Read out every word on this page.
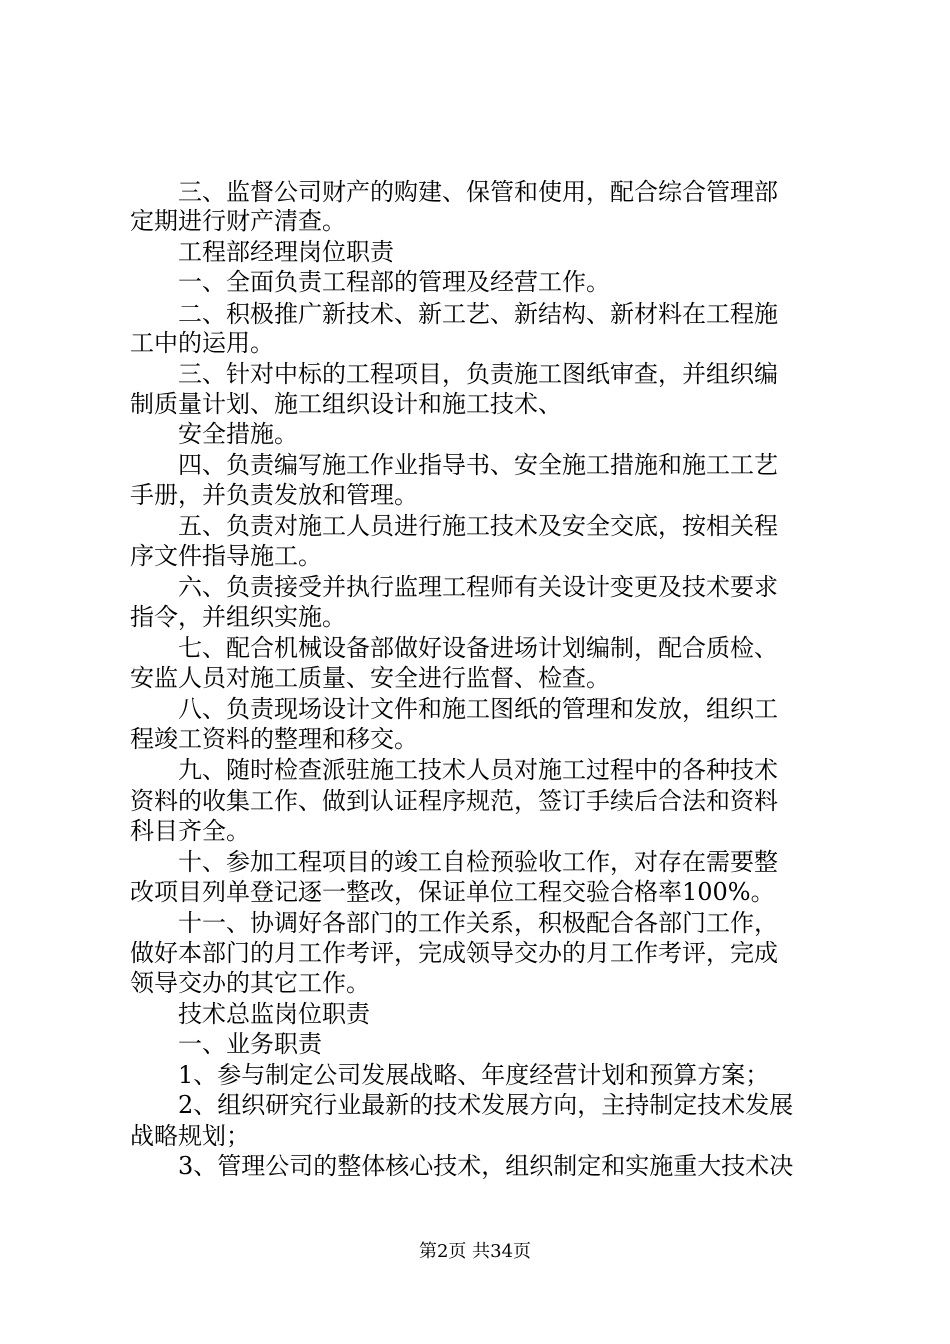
　　三、监督公司财产的购建、保管和使用，配合综合管理部
定期进行财产清查。
　　工程部经理岗位职责
　　一、全面负责工程部的管理及经营工作。
　　二、积极推广新技术、新工艺、新结构、新材料在工程施
工中的运用。
　　三、针对中标的工程项目，负责施工图纸审查，并组织编
制质量计划、施工组织设计和施工技术、
　　安全措施。
　　四、负责编写施工作业指导书、安全施工措施和施工工艺
手册，并负责发放和管理。
　　五、负责对施工人员进行施工技术及安全交底，按相关程
序文件指导施工。
　　六、负责接受并执行监理工程师有关设计变更及技术要求
指令，并组织实施。
　　七、配合机械设备部做好设备进场计划编制，配合质检、
安监人员对施工质量、安全进行监督、检查。
　　八、负责现场设计文件和施工图纸的管理和发放，组织工
程竣工资料的整理和移交。
　　九、随时检查派驻施工技术人员对施工过程中的各种技术
资料的收集工作、做到认证程序规范，签订手续后合法和资料
科目齐全。
　　十、参加工程项目的竣工自检预验收工作，对存在需要整
改项目列单登记逐一整改，保证单位工程交验合格率100%。
　　十一、协调好各部门的工作关系，积极配合各部门工作，
做好本部门的月工作考评，完成领导交办的月工作考评，完成
领导交办的其它工作。
　　技术总监岗位职责
　　一、业务职责
　　1、参与制定公司发展战略、年度经营计划和预算方案；
　　2、组织研究行业最新的技术发展方向，主持制定技术发展
战略规划；
　　3、管理公司的整体核心技术，组织制定和实施重大技术决
第2页 共34页
